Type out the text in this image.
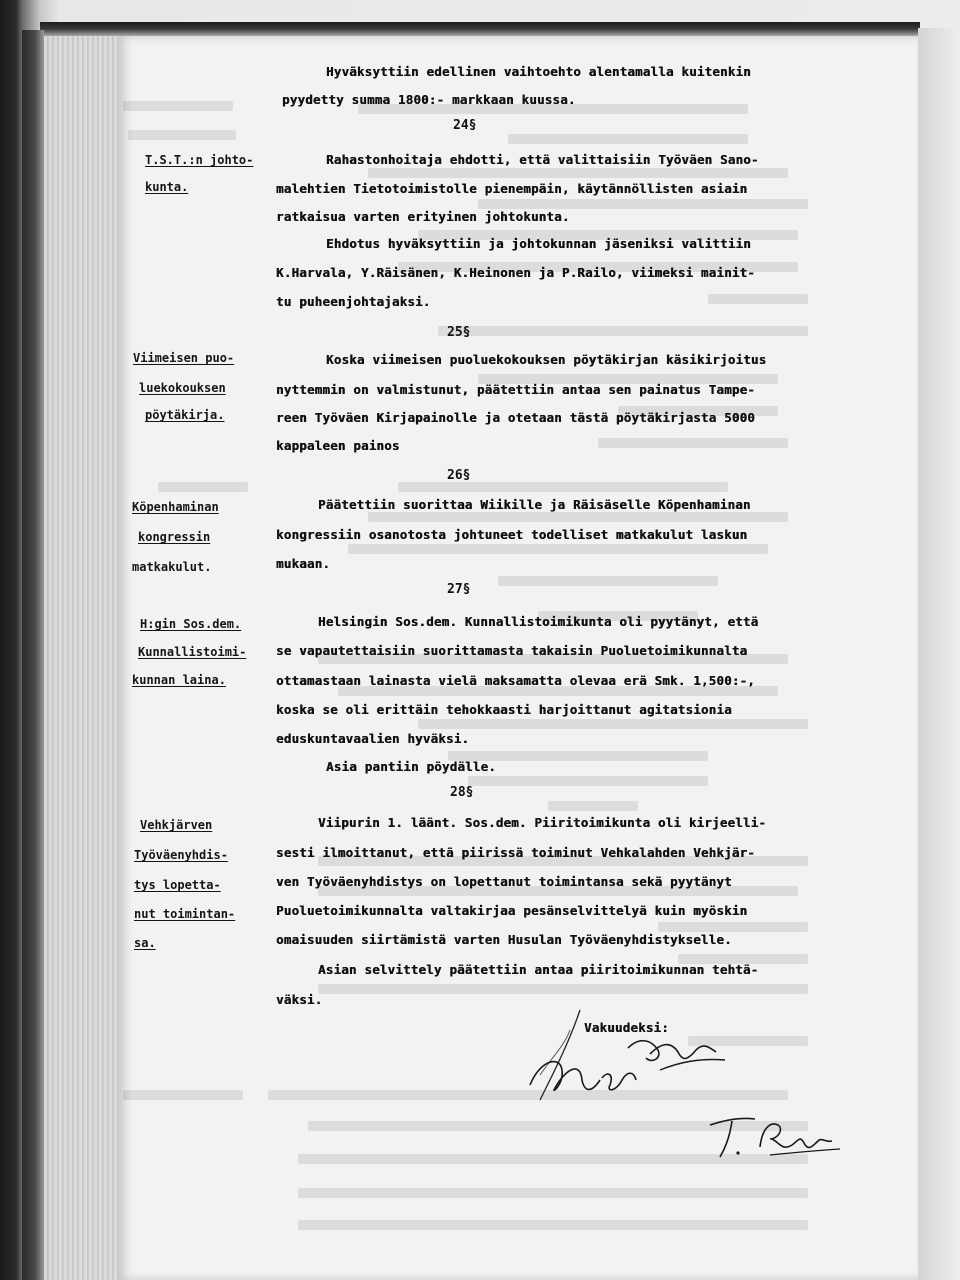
Hyväksyttiin edellinen vaihtoehto alentamalla kuitenkin
pyydetty summa 1800:- markkaan kuussa.
24§
T.S.T.:n johto-
kunta.
Rahastonhoitaja ehdotti, että valittaisiin Työväen Sano-
malehtien Tietotoimistolle pienempäin, käytännöllisten asiain
ratkaisua varten erityinen johtokunta.
Ehdotus hyväksyttiin ja johtokunnan jäseniksi valittiin
K.Harvala, Y.Räisänen, K.Heinonen ja P.Railo, viimeksi mainit-
tu puheenjohtajaksi.
25§
Viimeisen puo-
luekokouksen
pöytäkirja.
Koska viimeisen puoluekokouksen pöytäkirjan käsikirjoitus
nyttemmin on valmistunut, päätettiin antaa sen painatus Tampe-
reen Työväen Kirjapainolle ja otetaan tästä pöytäkirjasta 5000
kappaleen painos
26§
Köpenhaminan
kongressin
matkakulut.
Päätettiin suorittaa Wiikille ja Räisäselle Köpenhaminan
kongressiin osanotosta johtuneet todelliset matkakulut laskun
mukaan.
27§
H:gin Sos.dem.
Kunnallistoimi-
kunnan laina.
Helsingin Sos.dem. Kunnallistoimikunta oli pyytänyt, että
se vapautettaisiin suorittamasta takaisin Puoluetoimikunnalta
ottamastaan lainasta vielä maksamatta olevaa erä Smk. 1,500:-,
koska se oli erittäin tehokkaasti harjoittanut agitatsionia
eduskuntavaalien hyväksi.
Asia pantiin pöydälle.
28§
Vehkjärven
Työväenyhdis-
tys lopetta-
nut toimintan-
sa.
Viipurin 1. läänt. Sos.dem. Piiritoimikunta oli kirjeelli-
sesti ilmoittanut, että piirissä toiminut Vehkalahden Vehkjär-
ven Työväenyhdistys on lopettanut toimintansa sekä pyytänyt
Puoluetoimikunnalta valtakirjaa pesänselvittelyä kuin myöskin
omaisuuden siirtämistä varten Husulan Työväenyhdistykselle.
Asian selvittely päätettiin antaa piiritoimikunnan tehtä-
väksi.
Vakuudeksi:
